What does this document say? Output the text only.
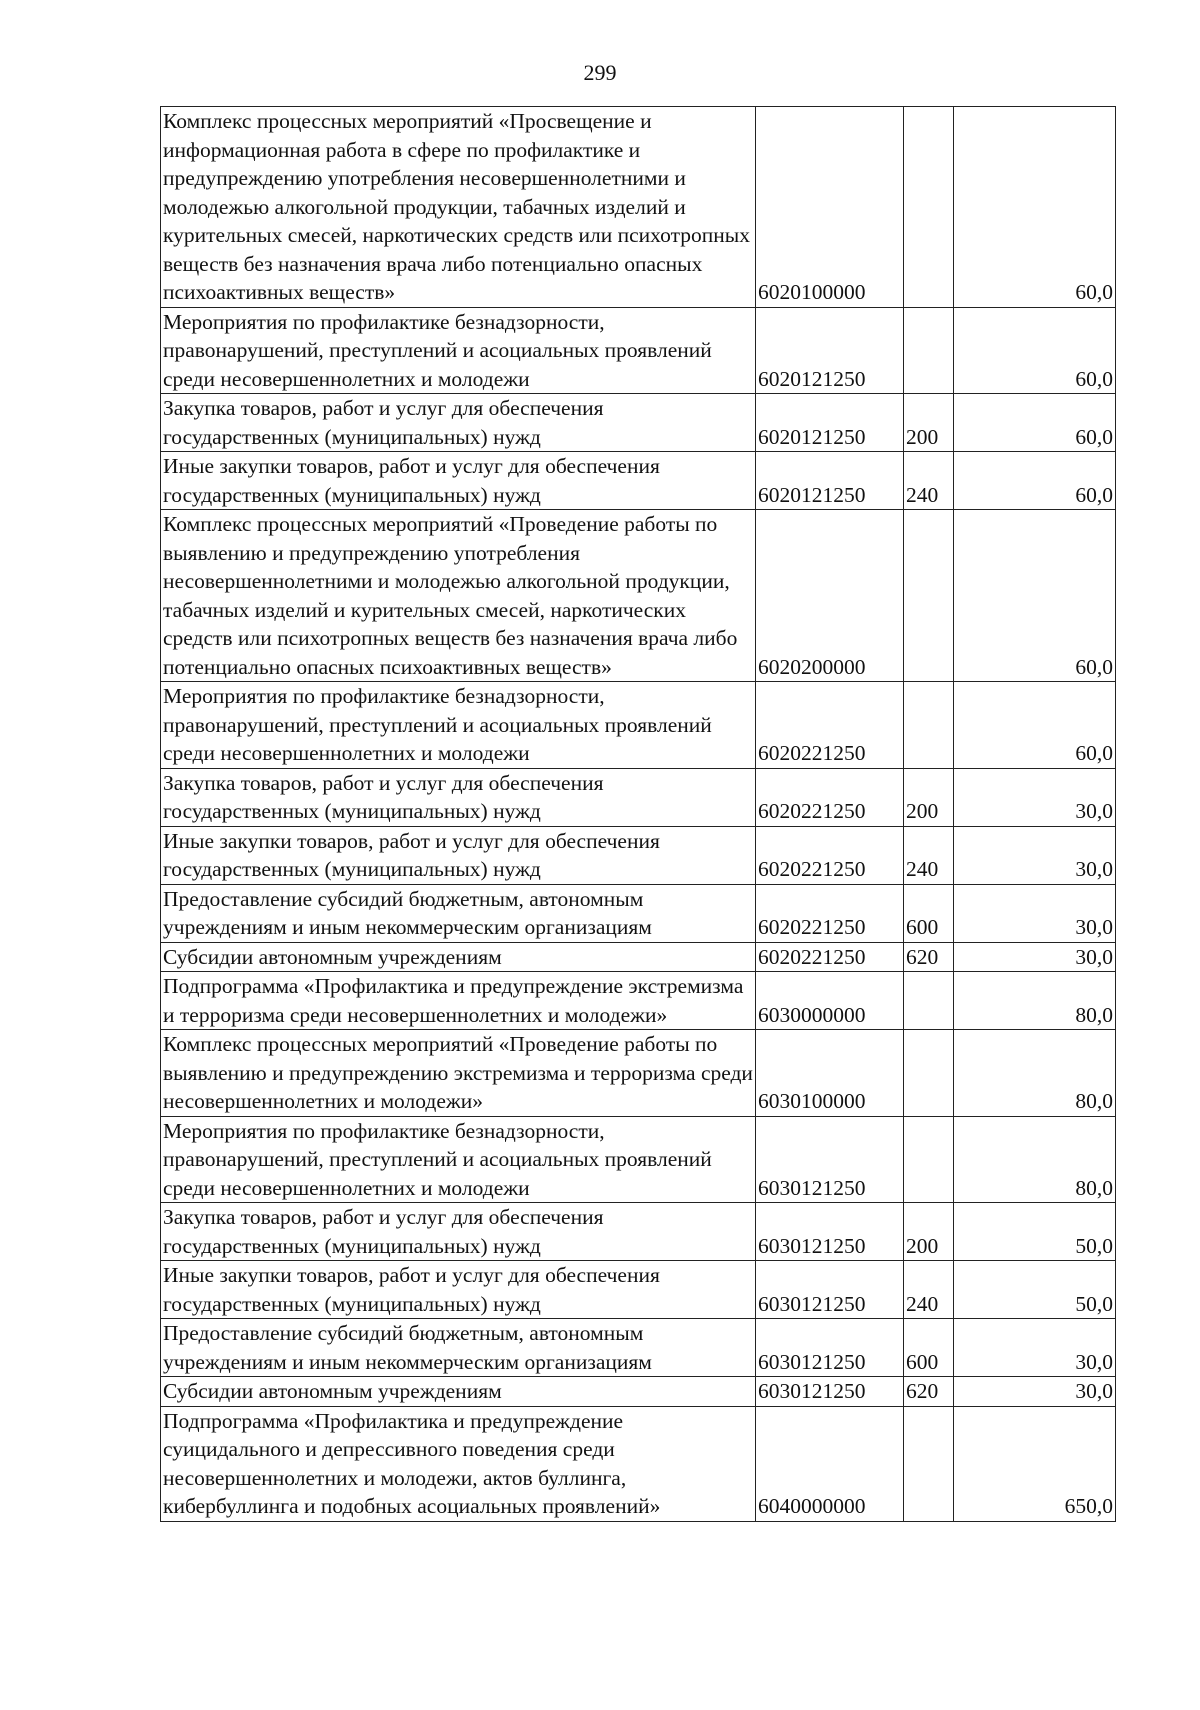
299
Комплекс процессных мероприятий «Просвещение и информационная работа в сфере по профилактике и предупреждению употребления несовершеннолетними и молодежью алкогольной продукции, табачных изделий и курительных смесей, наркотических средств или психотропных веществ без назначения врача либо потенциально опасных психоактивных веществ»	6020100000		60,0
Мероприятия по профилактике безнадзорности, правонарушений, преступлений и асоциальных проявлений среди несовершеннолетних и молодежи	6020121250		60,0
Закупка товаров, работ и услуг для обеспечения государственных (муниципальных) нужд	6020121250	200	60,0
Иные закупки товаров, работ и услуг для обеспечения государственных (муниципальных) нужд	6020121250	240	60,0
Комплекс процессных мероприятий «Проведение работы по выявлению и предупреждению употребления несовершеннолетними и молодежью алкогольной продукции, табачных изделий и курительных смесей, наркотических средств или психотропных веществ без назначения врача либо потенциально опасных психоактивных веществ»	6020200000		60,0
Мероприятия по профилактике безнадзорности, правонарушений, преступлений и асоциальных проявлений среди несовершеннолетних и молодежи	6020221250		60,0
Закупка товаров, работ и услуг для обеспечения государственных (муниципальных) нужд	6020221250	200	30,0
Иные закупки товаров, работ и услуг для обеспечения государственных (муниципальных) нужд	6020221250	240	30,0
Предоставление субсидий бюджетным, автономным учреждениям и иным некоммерческим организациям	6020221250	600	30,0
Субсидии автономным учреждениям	6020221250	620	30,0
Подпрограмма «Профилактика и предупреждение экстремизма и терроризма среди несовершеннолетних и молодежи»	6030000000		80,0
Комплекс процессных мероприятий «Проведение работы по выявлению и предупреждению экстремизма и терроризма среди несовершеннолетних и молодежи»	6030100000		80,0
Мероприятия по профилактике безнадзорности, правонарушений, преступлений и асоциальных проявлений среди несовершеннолетних и молодежи	6030121250		80,0
Закупка товаров, работ и услуг для обеспечения государственных (муниципальных) нужд	6030121250	200	50,0
Иные закупки товаров, работ и услуг для обеспечения государственных (муниципальных) нужд	6030121250	240	50,0
Предоставление субсидий бюджетным, автономным учреждениям и иным некоммерческим организациям	6030121250	600	30,0
Субсидии автономным учреждениям	6030121250	620	30,0
Подпрограмма «Профилактика и предупреждение суицидального и депрессивного поведения среди несовершеннолетних и молодежи, актов буллинга, кибербуллинга и подобных асоциальных проявлений»	6040000000		650,0
